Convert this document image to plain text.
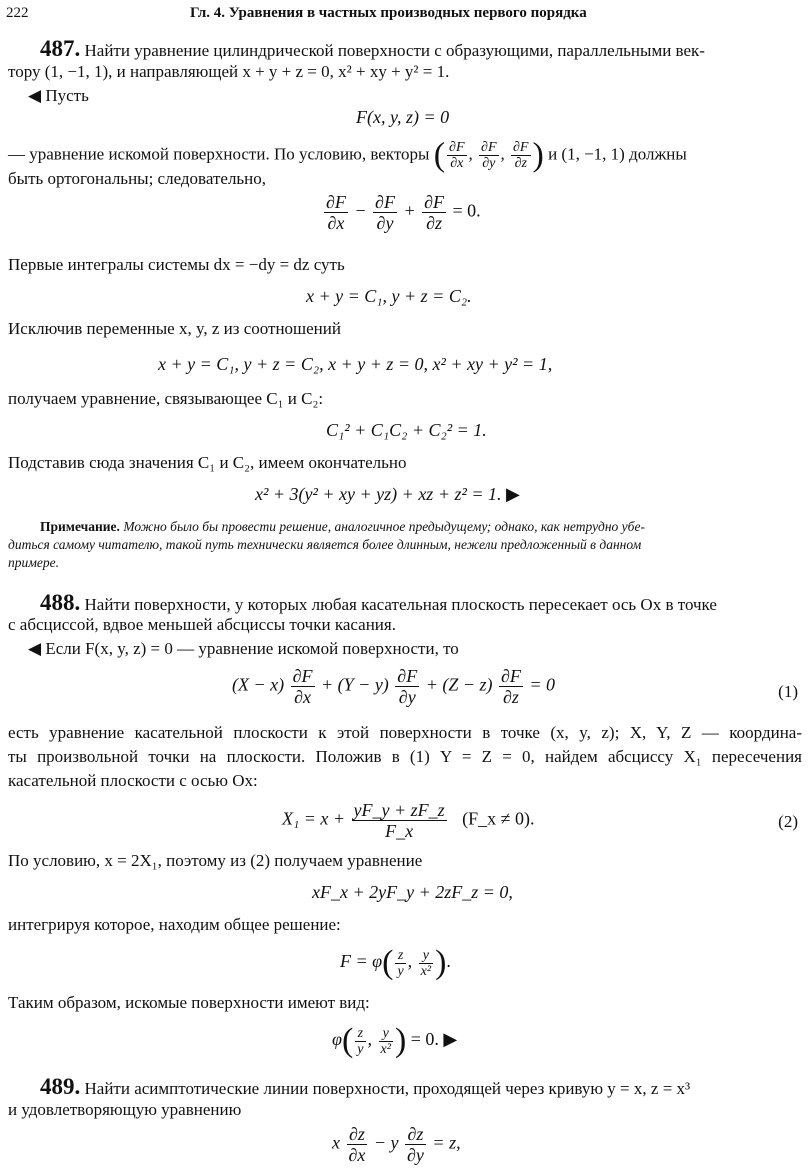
222	Гл. 4. Уравнения в частных производных первого порядка
487. Найти уравнение цилиндрической поверхности с образующими, параллельными век-
тору (1, −1, 1), и направляющей x + y + z = 0, x² + xy + y² = 1.
◀ Пусть
F(x, y, z) = 0
— уравнение искомой поверхности. По условию, векторы ( $\frac{\partial F}{\partial x}$ , $\frac{\partial F}{\partial y}$ , $\frac{\partial F}{\partial z}$ ) и (1, −1, 1) должны
быть ортогональны; следовательно,
$\frac{\partial F}{\partial x} - \frac{\partial F}{\partial y} + \frac{\partial F}{\partial z} = 0$.
Первые интегралы системы dx = −dy = dz суть
x + y = C₁, y + z = C₂.
Исключив переменные x, y, z из соотношений
x + y = C₁, y + z = C₂, x + y + z = 0, x² + xy + y² = 1,
получаем уравнение, связывающее C₁ и C₂:
C₁² + C₁C₂ + C₂² = 1.
Подставив сюда значения C₁ и C₂, имеем окончательно
x² + 3(y² + xy + yz) + xz + z² = 1. ▶
Примечание. Можно было бы провести решение, аналогичное предыдущему; однако, как нетрудно убе-
диться самому читателю, такой путь технически является более длинным, нежели предложенный в данном
примере.
488. Найти поверхности, у которых любая касательная плоскость пересекает ось Ox в точке
с абсциссой, вдвое меньшей абсциссы точки касания.
◀ Если F(x, y, z) = 0 — уравнение искомой поверхности, то
$(X - x) \frac{\partial F}{\partial x} + (Y - y) \frac{\partial F}{\partial y} + (Z - z) \frac{\partial F}{\partial z} = 0$	(1)
есть уравнение касательной плоскости к этой поверхности в точке (x, y, z); X, Y, Z — координа-
ты произвольной точки на плоскости. Положив в (1) Y = Z = 0, найдем абсциссу X₁ пересечения
касательной плоскости с осью Ox:
$X_1 = x + \frac{yF\_y + zF\_z}{F\_x}$ (F_x ≠ 0).	(2)
По условию, x = 2X₁, поэтому из (2) получаем уравнение
xF_x + 2yF_y + 2zF_z = 0,
интегрируя которое, находим общее решение:
$F = \varphi( \frac{z}{y}$ , $\frac{y}{\text{x²}}$ ).
Таким образом, искомые поверхности имеют вид:
$\varphi( \frac{z}{y}$ , $\frac{y}{\text{x²}}$ ) = 0. ▶
489. Найти асимптотические линии поверхности, проходящей через кривую y = x, z = x³
и удовлетворяющую уравнению
x $\frac{\partial z}{\partial x} - y \frac{\partial z}{\partial y} = z$,
